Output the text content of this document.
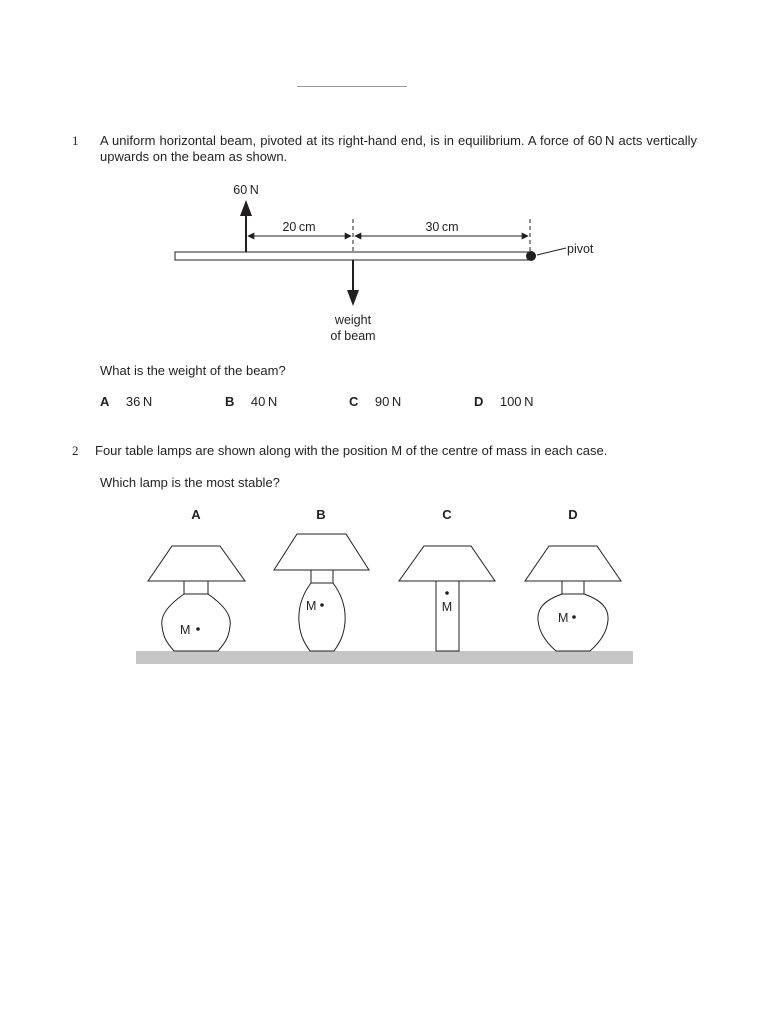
1 A uniform horizontal beam, pivoted at its right-hand end, is in equilibrium. A force of 60 N acts vertically upwards on the beam as shown.
60 N
20 cm	30 cm
pivot
weight
of beam
What is the weight of the beam?
A 36 N	B 40 N	C 90 N	D 100 N
2 Four table lamps are shown along with the position M of the centre of mass in each case.
Which lamp is the most stable?
A	B	C	D
M
M	M
M
